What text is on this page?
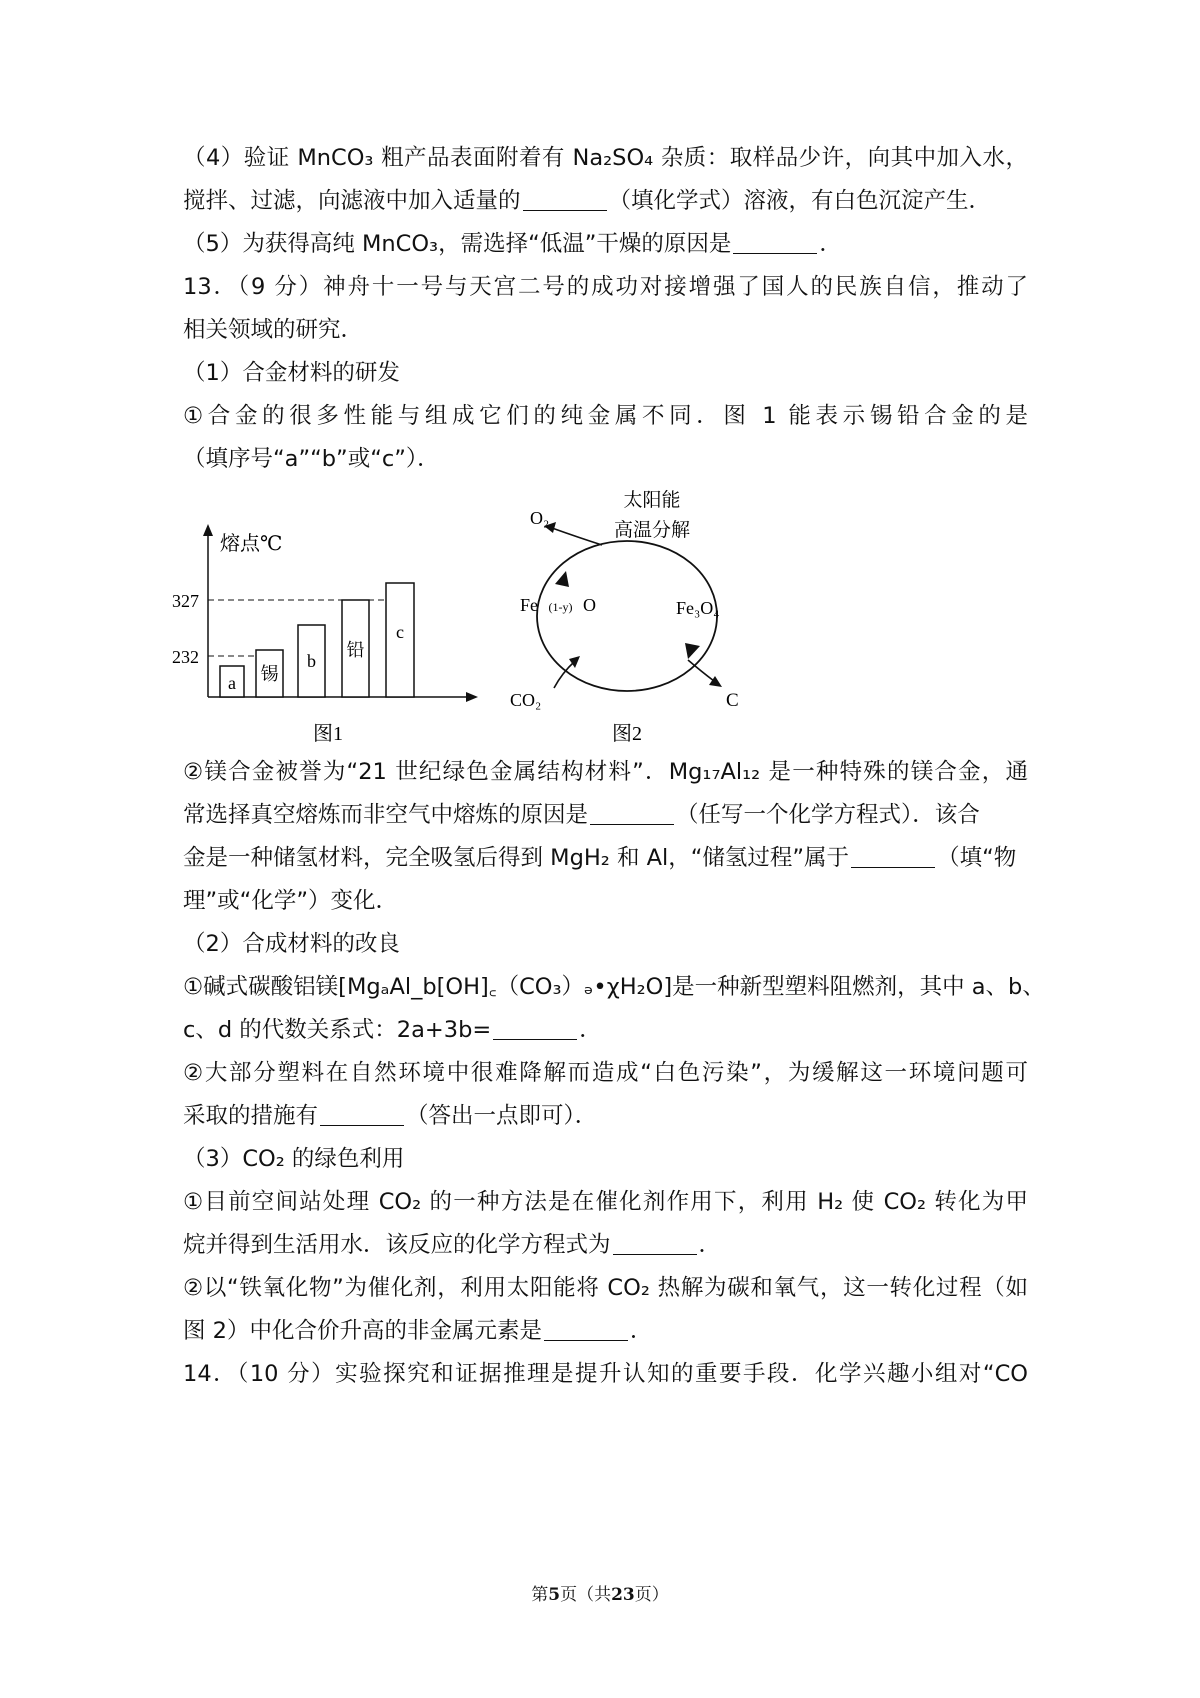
（4）验证 MnCO₃ 粗产品表面附着有 Na₂SO₄ 杂质：取样品少许，向其中加入水，
搅拌、过滤，向滤液中加入适量的	（填化学式）溶液，有白色沉淀产生．
（5）为获得高纯 MnCO₃，需选择“低温”干燥的原因是	．
13．（9 分）神舟十一号与天宫二号的成功对接增强了国人的民族自信，推动了
相关领域的研究．
（1）合金材料的研发
①合金的很多性能与组成它们的纯金属不同．图 1 能表示锡铅合金的是
（填序号“a”“b”或“c”）．
熔点℃
327
232
a 锡
b
铅
c
图1
太阳能
高温分解
O₂
Fe (1-y) O	Fe₃O₄
CO₂	C
图2
②镁合金被誉为“21 世纪绿色金属结构材料”．Mg₁₇Al₁₂ 是一种特殊的镁合金，通
常选择真空熔炼而非空气中熔炼的原因是	（任写一个化学方程式）．该合
金是一种储氢材料，完全吸氢后得到 MgH₂ 和 Al，“储氢过程”属于	（填“物
理”或“化学”）变化．
（2）合成材料的改良
①碱式碳酸铝镁[MgₐAl_b[OH]꜀（CO₃）ₔ•χH₂O]是一种新型塑料阻燃剂，其中 a、b、
c、d 的代数关系式：2a+3b=	．
②大部分塑料在自然环境中很难降解而造成“白色污染”，为缓解这一环境问题可
采取的措施有	（答出一点即可）．
（3）CO₂ 的绿色利用
①目前空间站处理 CO₂ 的一种方法是在催化剂作用下，利用 H₂ 使 CO₂ 转化为甲
烷并得到生活用水．该反应的化学方程式为	．
②以“铁氧化物”为催化剂，利用太阳能将 CO₂ 热解为碳和氧气，这一转化过程（如
图 2）中化合价升高的非金属元素是	．
14．（10 分）实验探究和证据推理是提升认知的重要手段．化学兴趣小组对“CO
第5页（共23页）
